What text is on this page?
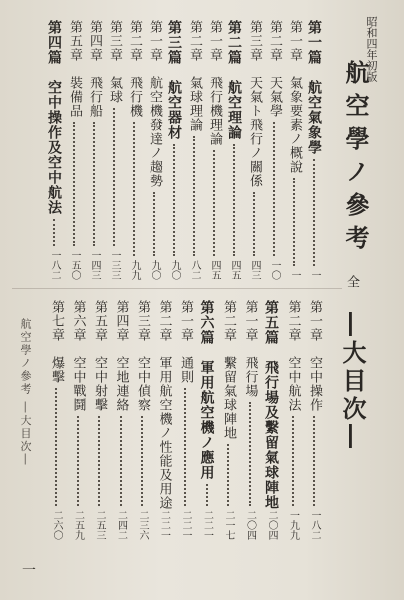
昭和四年初版
航空學ノ參考
全
―大目次―
第一篇　航空氣象學
一
第一章　氣象要素ノ概說
一
第二章　天氣學
一〇
第三章　天氣ト飛行ノ關係
四三
第二篇　航空理論
四五
第一章　飛行機理論
四五
第二章　氣球理論
八二
第三篇　航空器材
九〇
第一章　航空機發達ノ趨勢
九〇
第二章　飛行機
九九
第三章　氣球
一三三
第四章　飛行船
一四三
第五章　裝備品
一五〇
第四篇　空中操作及空中航法
一八二
第一章　空中操作
一八二
第二章　空中航法
一九九
第五篇　飛行場及繫留氣球陣地
二〇四
第一章　飛行場
二〇四
第二章　繫留氣球陣地
二一七
第六篇　軍用航空機ノ應用
二二一
第一章　通則
二二一
第二章　軍用航空機ノ性能及用途
二二一
第三章　空中偵察
二三六
第四章　空地連絡
二四二
第五章　空中射擊
二五三
第六章　空中戰鬪
二五九
第七章　爆擊
二六〇
航空學ノ參考 ―大目次―
一
